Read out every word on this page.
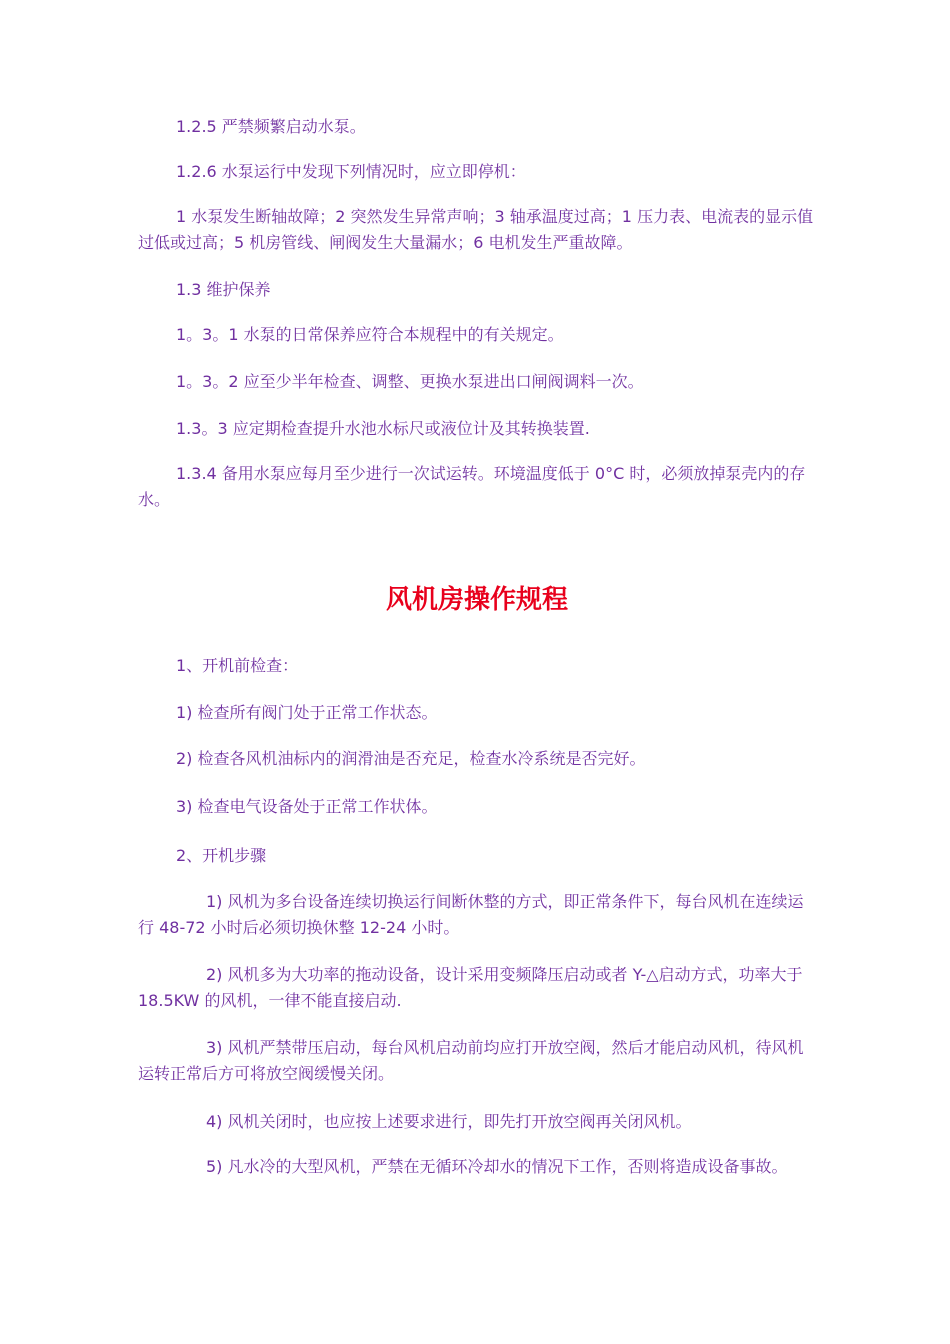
1.2.5 严禁频繁启动水泵。

1.2.6 水泵运行中发现下列情况时，应立即停机：

1 水泵发生断轴故障；2 突然发生异常声响；3 轴承温度过高；1 压力表、电流表的显示值过低或过高；5 机房管线、闸阀发生大量漏水；6 电机发生严重故障。

1.3 维护保养

1。3。1 水泵的日常保养应符合本规程中的有关规定。

1。3。2 应至少半年检查、调整、更换水泵进出口闸阀调料一次。

1.3。3 应定期检查提升水池水标尺或液位计及其转换装置.

1.3.4 备用水泵应每月至少进行一次试运转。环境温度低于 0°C 时，必须放掉泵壳内的存水。

风机房操作规程

1、开机前检查：

1) 检查所有阀门处于正常工作状态。

2) 检查各风机油标内的润滑油是否充足，检查水冷系统是否完好。

3) 检查电气设备处于正常工作状体。

2、开机步骤

1) 风机为多台设备连续切换运行间断休整的方式，即正常条件下，每台风机在连续运行 48-72 小时后必须切换休整 12-24 小时。

2) 风机多为大功率的拖动设备，设计采用变频降压启动或者 Y-△启动方式，功率大于 18.5KW 的风机，一律不能直接启动.

3) 风机严禁带压启动，每台风机启动前均应打开放空阀，然后才能启动风机，待风机运转正常后方可将放空阀缓慢关闭。

4) 风机关闭时，也应按上述要求进行，即先打开放空阀再关闭风机。

5) 凡水冷的大型风机，严禁在无循环冷却水的情况下工作，否则将造成设备事故。
